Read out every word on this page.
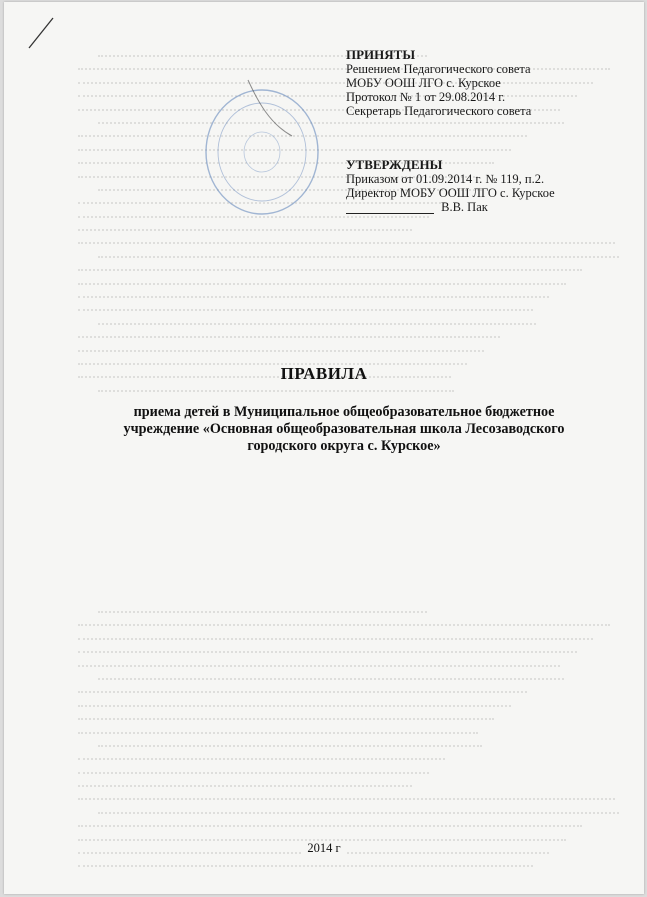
ПРИНЯТЫ
Решением Педагогического совета
МОБУ ООШ ЛГО с. Курское
Протокол № 1 от 29.08.2014 г.
Секретарь Педагогического совета
УТВЕРЖДЕНЫ
Приказом от 01.09.2014 г. № 119, п.2.
Директор МОБУ ООШ ЛГО с. Курское
В.В. Пак
ПРАВИЛА
приема детей в Муниципальное общеобразовательное бюджетное
учреждение «Основная общеобразовательная школа Лесозаводского
городского округа с. Курское»
2014 г
